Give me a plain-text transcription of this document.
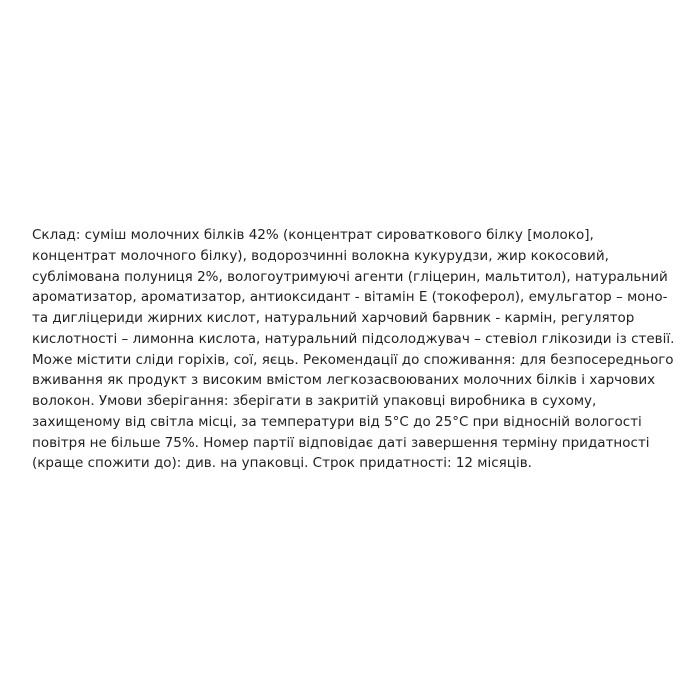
Склад: суміш молочних білків 42% (концентрат сироваткового білку [молоко],
концентрат молочного білку), водорозчинні волокна кукурудзи, жир кокосовий,
сублімована полуниця 2%, вологоутримуючі агенти (гліцерин, мальтитол), натуральний
ароматизатор, ароматизатор, антиоксидант - вітамін Е (токоферол), емульгатор – моно-
та дигліцериди жирних кислот, натуральний харчовий барвник - кармін, регулятор
кислотності – лимонна кислота, натуральний підсолоджувач – стевіол глікозиди із стевії.
Може містити сліди горіхів, сої, яєць. Рекомендації до споживання: для безпосереднього
вживання як продукт з високим вмістом легкозасвоюваних молочних білків і харчових
волокон. Умови зберігання: зберігати в закритій упаковці виробника в сухому,
захищеному від світла місці, за температури від 5°С до 25°С при відносній вологості
повітря не більше 75%. Номер партії відповідає даті завершення терміну придатності
(краще спожити до): див. на упаковці. Строк придатності: 12 місяців.
